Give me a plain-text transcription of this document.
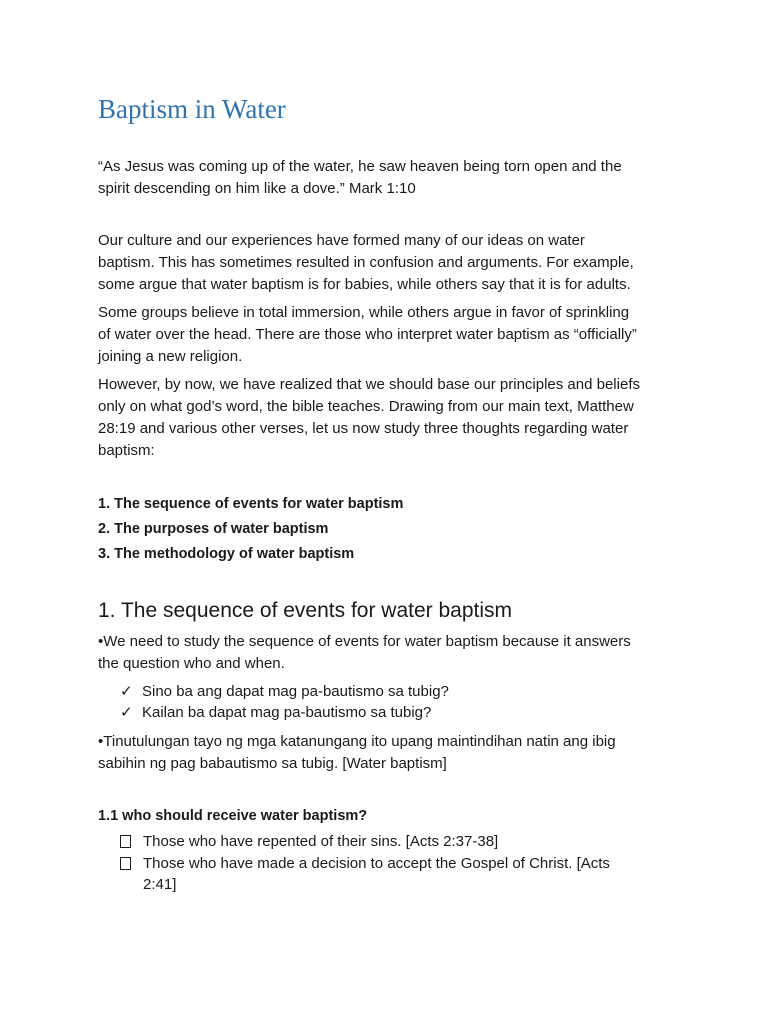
Baptism in Water

“As Jesus was coming up of the water, he saw heaven being torn open and the spirit descending on him like a dove.” Mark 1:10

Our culture and our experiences have formed many of our ideas on water baptism. This has sometimes resulted in confusion and arguments. For example, some argue that water baptism is for babies, while others say that it is for adults.

Some groups believe in total immersion, while others argue in favor of sprinkling of water over the head. There are those who interpret water baptism as “officially” joining a new religion.

However, by now, we have realized that we should base our principles and beliefs only on what god’s word, the bible teaches. Drawing from our main text, Matthew 28:19 and various other verses, let us now study three thoughts regarding water baptism:

1. The sequence of events for water baptism
2. The purposes of water baptism
3. The methodology of water baptism
1. The sequence of events for water baptism

•We need to study the sequence of events for water baptism because it answers the question who and when.

✓ Sino ba ang dapat mag pa-bautismo sa tubig?
✓ Kailan ba dapat mag pa-bautismo sa tubig?

•Tinutulungan tayo ng mga katanungang ito upang maintindihan natin ang ibig sabihin ng pag babautismo sa tubig. [Water baptism]

1.1 who should receive water baptism?
Those who have repented of their sins. [Acts 2:37-38]
Those who have made a decision to accept the Gospel of Christ. [Acts 2:41]
